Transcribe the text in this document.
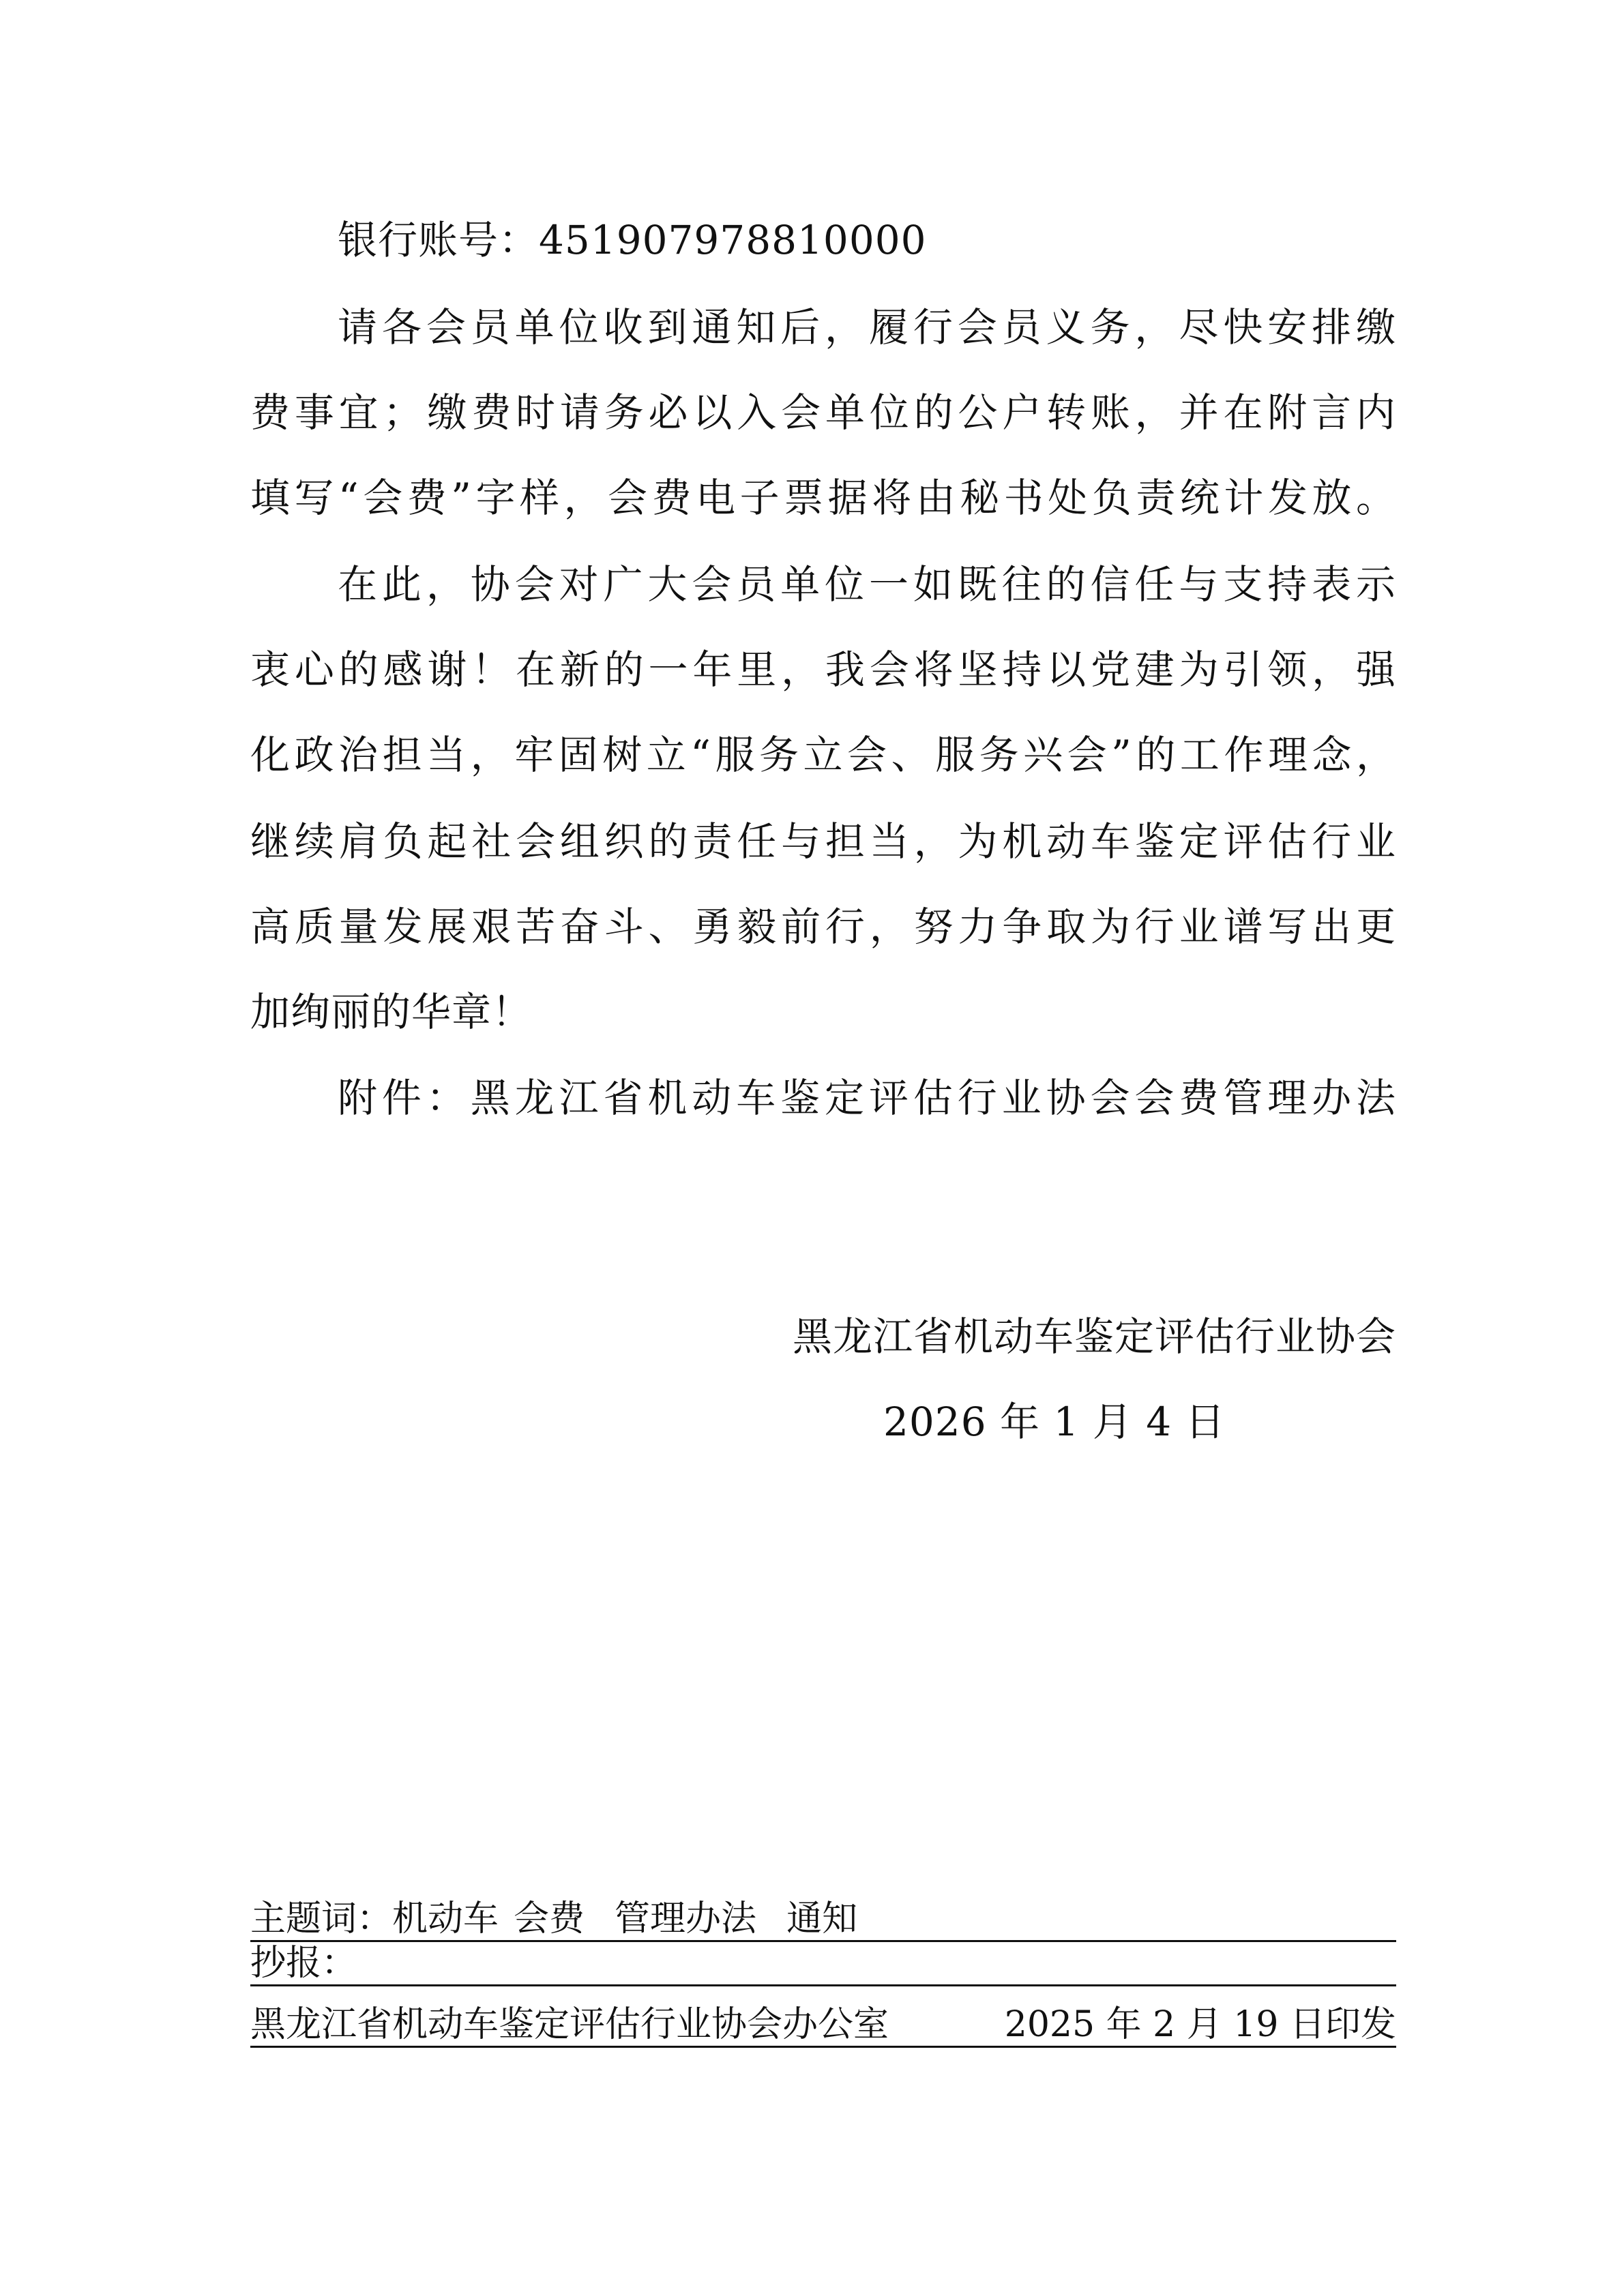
银行账号：451907978810000
请各会员单位收到通知后，履行会员义务，尽快安排缴
费事宜；缴费时请务必以入会单位的公户转账，并在附言内
填写“会费”字样，会费电子票据将由秘书处负责统计发放。
在此，协会对广大会员单位一如既往的信任与支持表示
衷心的感谢！在新的一年里，我会将坚持以党建为引领，强
化政治担当，牢固树立“服务立会、服务兴会”的工作理念，
继续肩负起社会组织的责任与担当，为机动车鉴定评估行业
高质量发展艰苦奋斗、勇毅前行，努力争取为行业谱写出更
加绚丽的华章！
附件：黑龙江省机动车鉴定评估行业协会会费管理办法
黑龙江省机动车鉴定评估行业协会
2026 年 1 月 4 日
主题词：机动车 会费 管理办法 通知
抄报：
黑龙江省机动车鉴定评估行业协会办公室	2025 年 2 月 19 日印发
